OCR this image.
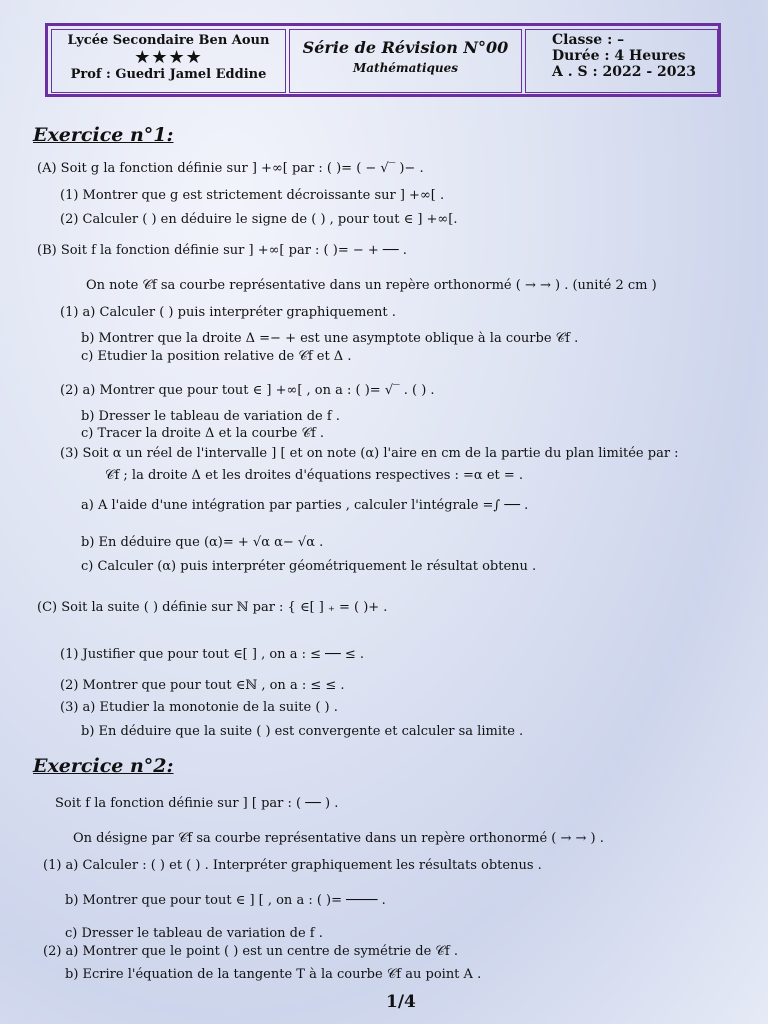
Lycée Secondaire Ben Aoun
★★★★
Prof : Guedri Jamel Eddine
Série de Révision N°00
Mathématiques
Classe : –
Durée : 4 Heures
A . S : 2022 - 2023
Exercice n°1:
(A) Soit g la fonction définie sur ] +∞[ par : ( )= ( − √‾ )− .
(1) Montrer que g est strictement décroissante sur ] +∞[ .
(2) Calculer ( ) en déduire le signe de ( ) , pour tout ∈ ] +∞[.
(B) Soit f la fonction définie sur ] +∞[ par : ( )= − + ── .
On note 𝒞f sa courbe représentative dans un repère orthonormé ( → → ) . (unité 2 cm )
(1) a) Calculer ( ) puis interpréter graphiquement .
b) Montrer que la droite Δ =− + est une asymptote oblique à la courbe 𝒞f .
c) Etudier la position relative de 𝒞f et Δ .
(2) a) Montrer que pour tout ∈ ] +∞[ , on a : ( )= √‾ . ( ) .
b) Dresser le tableau de variation de f .
c) Tracer la droite Δ et la courbe 𝒞f .
(3) Soit α un réel de l'intervalle ] [ et on note (α) l'aire en cm de la partie du plan limitée par :
𝒞f ; la droite Δ et les droites d'équations respectives : =α et = .
a) A l'aide d'une intégration par parties , calculer l'intégrale =∫ ── .
b) En déduire que (α)= + √α α− √α .
c) Calculer (α) puis interpréter géométriquement le résultat obtenu .
(C) Soit la suite ( ) définie sur ℕ par : { ∈[ ] ₊ = ( )+ .
(1) Justifier que pour tout ∈[ ] , on a : ≤ ── ≤ .
(2) Montrer que pour tout ∈ℕ , on a : ≤ ≤ .
(3) a) Etudier la monotonie de la suite ( ) .
b) En déduire que la suite ( ) est convergente et calculer sa limite .
Exercice n°2:
Soit f la fonction définie sur ] [ par : ( ── ) .
On désigne par 𝒞f sa courbe représentative dans un repère orthonormé ( → → ) .
(1) a) Calculer : ( ) et ( ) . Interpréter graphiquement les résultats obtenus .
b) Montrer que pour tout ∈ ] [ , on a : ( )= ──── .
c) Dresser le tableau de variation de f .
(2) a) Montrer que le point ( ) est un centre de symétrie de 𝒞f .
b) Ecrire l'équation de la tangente T à la courbe 𝒞f au point A .
1/4
